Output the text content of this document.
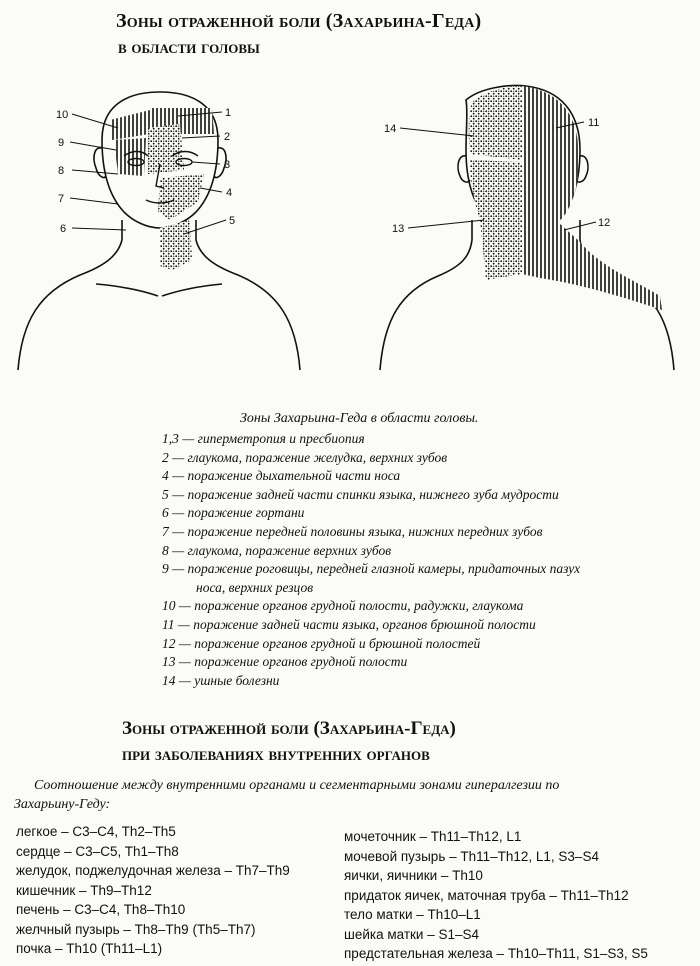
Зоны отраженной боли (Захарьина-Геда)
в области головы
10
9
8
7
6
1
2
3
4
5
14	11
13	12
Зоны Захарьина-Геда в области головы.
1,3 — гиперметропия и пресбиопия
2 — глаукома, поражение желудка, верхних зубов
4 — поражение дыхательной части носа
5 — поражение задней части спинки языка, нижнего зуба мудрости
6 — поражение гортани
7 — поражение передней половины языка, нижних передних зубов
8 — глаукома, поражение верхних зубов
9 — поражение роговицы, передней глазной камеры, придаточных пазух
носа, верхних резцов
10 — поражение органов грудной полости, радужки, глаукома
11 — поражение задней части языка, органов брюшной полости
12 — поражение органов грудной и брюшной полостей
13 — поражение органов грудной полости
14 — ушные болезни
Зоны отраженной боли (Захарьина-Геда)
при заболеваниях внутренних органов
Соотношение между внутренними органами и сегментарными зонами гипералгезии по
Захарьину-Геду:
легкое – C3–C4, Th2–Th5
сердце – C3–C5, Th1–Th8
желудок, поджелудочная железа – Th7–Th9
кишечник – Th9–Th12
печень – C3–C4, Th8–Th10
желчный пузырь – Th8–Th9 (Th5–Th7)
почка – Th10 (Th11–L1)
мочеточник – Th11–Th12, L1
мочевой пузырь – Th11–Th12, L1, S3–S4
яички, яичники – Th10
придаток яичек, маточная труба – Th11–Th12
тело матки – Th10–L1
шейка матки – S1–S4
предстательная железа – Th10–Th11, S1–S3, S5
